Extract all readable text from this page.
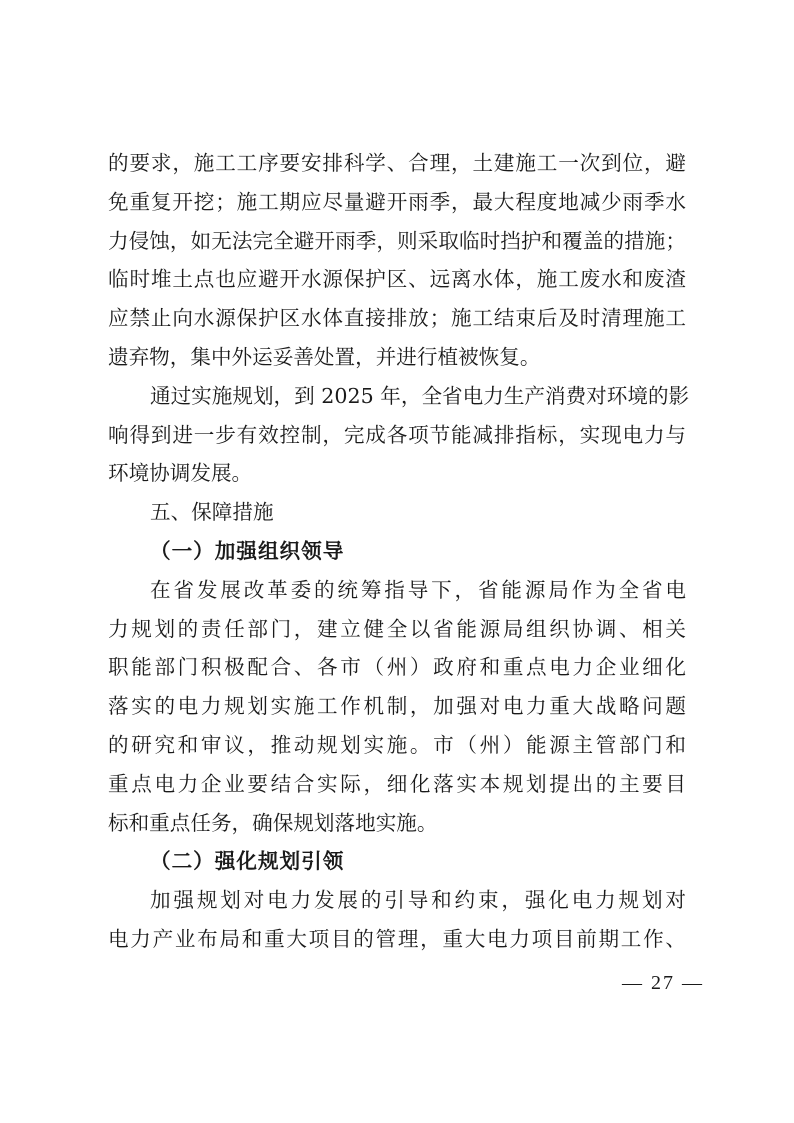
的要求，施工工序要安排科学、合理，土建施工一次到位，避
免重复开挖；施工期应尽量避开雨季，最大程度地减少雨季水
力侵蚀，如无法完全避开雨季，则采取临时挡护和覆盖的措施；
临时堆土点也应避开水源保护区、远离水体，施工废水和废渣
应禁止向水源保护区水体直接排放；施工结束后及时清理施工
遗弃物，集中外运妥善处置，并进行植被恢复。
通过实施规划，到 2025 年，全省电力生产消费对环境的影
响得到进一步有效控制，完成各项节能减排指标，实现电力与
环境协调发展。
五、保障措施
（一）加强组织领导
在省发展改革委的统筹指导下，省能源局作为全省电
力规划的责任部门，建立健全以省能源局组织协调、相关
职能部门积极配合、各市（州）政府和重点电力企业细化
落实的电力规划实施工作机制，加强对电力重大战略问题
的研究和审议，推动规划实施。市（州）能源主管部门和
重点电力企业要结合实际，细化落实本规划提出的主要目
标和重点任务，确保规划落地实施。
（二）强化规划引领
加强规划对电力发展的引导和约束，强化电力规划对
电力产业布局和重大项目的管理，重大电力项目前期工作、
— 27 —
